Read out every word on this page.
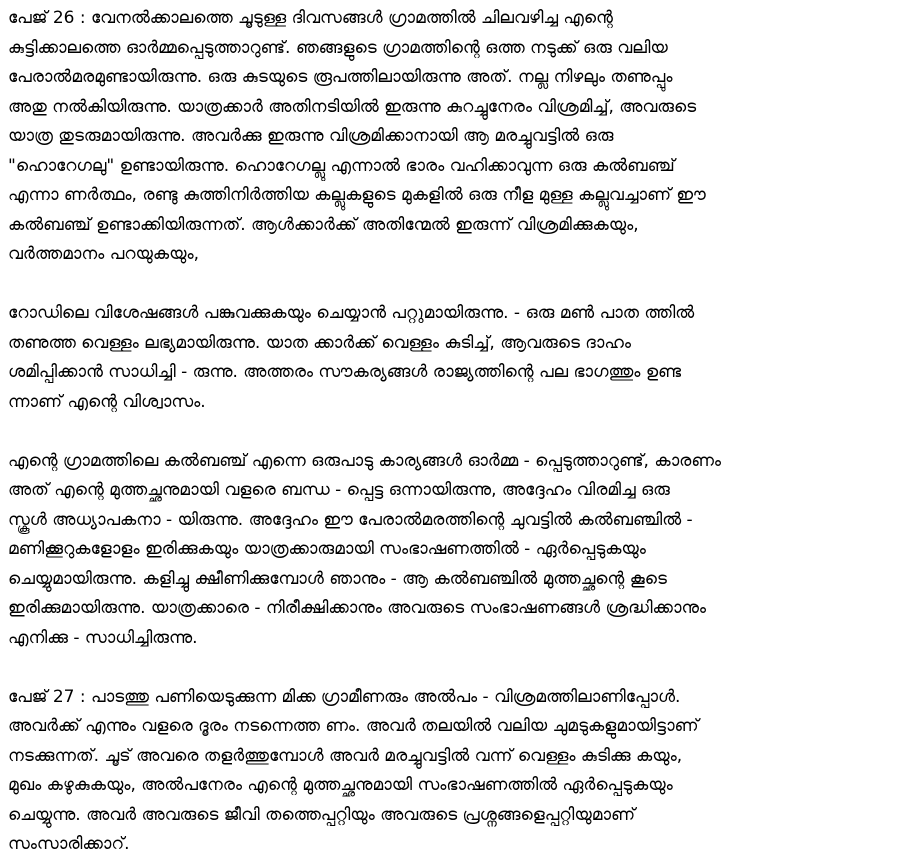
പേജ് 26 : വേനൽക്കാലത്തെ ചൂടുള്ള ദിവസങ്ങൾ ഗ്രാമത്തിൽ ചിലവഴിച്ച എന്റെ
കുട്ടിക്കാലത്തെ ഓർമ്മപ്പെടുത്താറുണ്ട്. ഞങ്ങളുടെ ഗ്രാമത്തിന്റെ ഒത്ത നടുക്ക് ഒരു വലിയ
പേരാൽമരമുണ്ടായിരുന്നു. ഒരു കുടയുടെ രൂപത്തിലായിരുന്നു അത്. നല്ല നിഴലും തണുപ്പും
അതു നൽകിയിരുന്നു. യാത്രക്കാർ അതിനടിയിൽ ഇരുന്നു കുറച്ചുനേരം വിശ്രമിച്ച്, അവരുടെ
യാത്ര തുടരുമായിരുന്നു. അവർക്കു ഇരുന്നു വിശ്രമിക്കാനായി ആ മരച്ചുവട്ടിൽ ഒരു
"ഹൊറേഗലു" ഉണ്ടായിരുന്നു. ഹൊറേഗല്ലു എന്നാൽ ഭാരം വഹിക്കാവുന്ന ഒരു കൽബഞ്ച്
എന്നാ ണർത്ഥം, രണ്ടു കുത്തിനിർത്തിയ കല്ലുകളുടെ മുകളിൽ ഒരു നീള മുള്ള കല്ലുവച്ചാണ് ഈ
കൽബഞ്ച് ഉണ്ടാക്കിയിരുന്നത്. ആൾക്കാർക്ക് അതിന്മേൽ ഇരുന്ന് വിശ്രമിക്കുകയും,
വർത്തമാനം പറയുകയും,
റോഡിലെ വിശേഷങ്ങൾ പങ്കുവക്കുകയും ചെയ്യാൻ പറ്റുമായിരുന്നു. - ഒരു മൺ പാത ത്തിൽ
തണുത്ത വെള്ളം ലഭ്യമായിരുന്നു. യാത ക്കാർക്ക് വെള്ളം കുടിച്ച്, ആവരുടെ ദാഹം
ശമിപ്പിക്കാൻ സാധിച്ചി - രുന്നു. അത്തരം സൗകര്യങ്ങൾ രാജ്യത്തിന്റെ പല ഭാഗത്തും ഉണ്ട
ന്നാണ് എന്റെ വിശ്വാസം.
എന്റെ ഗ്രാമത്തിലെ കൽബഞ്ച് എന്നെ ഒരുപാടു കാര്യങ്ങൾ ഓർമ്മ - പ്പെടുത്താറുണ്ട്, കാരണം
അത് എന്റെ മുത്തച്ഛനുമായി വളരെ ബന്ധ - പ്പെട്ട ഒന്നായിരുന്നു, അദ്ദേഹം വിരമിച്ച ഒരു
സ്കൂൾ അധ്യാപകനാ - യിരുന്നു. അദ്ദേഹം ഈ പേരാൽമരത്തിന്റെ ചുവട്ടിൽ കൽബഞ്ചിൽ -
മണിക്കൂറുകളോളം ഇരിക്കുകയും യാത്രക്കാരുമായി സംഭാഷണത്തിൽ - ഏർപ്പെടുകയും
ചെയ്യുമായിരുന്നു. കളിച്ചു ക്ഷീണിക്കുമ്പോൾ ഞാനും - ആ കൽബഞ്ചിൽ മുത്തച്ഛന്റെ കൂടെ
ഇരിക്കുമായിരുന്നു. യാത്രക്കാരെ - നിരീക്ഷിക്കാനും അവരുടെ സംഭാഷണങ്ങൾ ശ്രദ്ധിക്കാനും
എനിക്കു - സാധിച്ചിരുന്നു.
പേജ് 27 : പാടത്തു പണിയെടുക്കുന്ന മിക്ക ഗ്രാമീണരും അൽപം - വിശ്രമത്തിലാണിപ്പോൾ.
അവർക്ക് എന്നും വളരെ ദൂരം നടന്നെത്ത ണം. അവർ തലയിൽ വലിയ ചുമടുകളുമായിട്ടാണ്
നടക്കുന്നത്. ചൂട് അവരെ തളർത്തുമ്പോൾ അവർ മരച്ചുവട്ടിൽ വന്ന് വെള്ളം കുടിക്കു കയും,
മുഖം കഴുകുകയും, അൽപനേരം എന്റെ മുത്തച്ഛനുമായി സംഭാഷണത്തിൽ ഏർപ്പെടുകയും
ചെയ്യുന്നു. അവർ അവരുടെ ജീവി തത്തെപ്പറ്റിയും അവരുടെ പ്രശ്നങ്ങളെപ്പറ്റിയുമാണ്
സംസാരിക്കാറ്.
